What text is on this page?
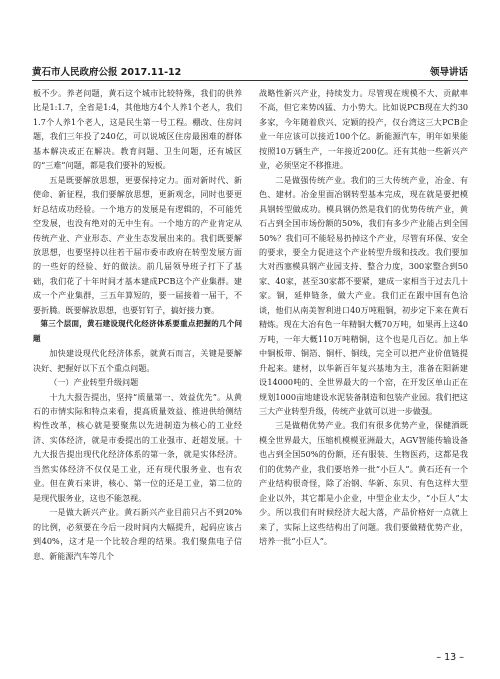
黄石市人民政府公报 2017.11-12	领导讲话

板不少。养老问题，黄石这个城市比较特殊，我们的供养比是1:1.7，全省是1:4，其他地方4个人养1个老人，我们1.7个人养1个老人，这是民生第一号工程。棚改、住房问题，我们三年投了240亿，可以说城区住房最困难的群体基本解决或正在解决。教育问题、卫生问题，还有城区的“三难”问题，都是我们要补的短板。

五是既要解放思想，更要保持定力。面对新时代、新使命、新征程，我们要解放思想，更新观念，同时也要更好总结成功经验。一个地方的发展是有逻辑的，不可能凭空发展，也没有绝对的无中生有。一个地方的产业肯定从传统产业、产业形态、产业生态发展出来的。我们既要解放思想，也要坚持以往若干届市委市政府在转型发展方面的一些好的经验、好的做法。前几届领导班子打下了基础，我们花了十年时间才基本建成PCB这个产业集群。建成一个产业集群，三五年算短的，要一届接着一届干，不要折腾。既要解放思想，也要钉钉子，搞好接力赛。

第三个层面，黄石建设现代化经济体系要重点把握的几个问题

加快建设现代化经济体系，就黄石而言，关键是要解决好、把握好以下五个重点问题。

（一）产业转型升级问题

十九大报告提出，坚持“质量第一、效益优先”。从黄石的市情实际和特点来看，提高质量效益、推进供给侧结构性改革，核心就是要聚焦以先进制造为核心的工业经济、实体经济，就是市委提出的工业强市、赶超发展。十九大报告提出现代化经济体系的第一条，就是实体经济。当然实体经济不仅仅是工业，还有现代服务业、也有农业。但在黄石来讲，核心、第一位的还是工业，第二位的是现代服务业，这也不能忽视。

一是做大新兴产业。黄石新兴产业目前只占不到20%的比例，必须要在今后一段时间内大幅提升，起码应该占到40%，这才是一个比较合理的结果。我们聚焦电子信息、新能源汽车等几个

战略性新兴产业，持续发力。尽管现在规模不大、贡献率不高，但它来势凶猛、力小势大。比如说PCB现在大约30多家，今年随着欣兴、定颖的投产，仅台湾这三大PCB企业一年应该可以接近100个亿。新能源汽车，明年如果能按照10万辆生产，一年接近200亿。还有其他一些新兴产业，必须坚定不移推进。

二是做强传统产业。我们的三大传统产业，冶金、有色、建材。冶金里面冶钢转型基本完成，现在就是要把模具钢转型做成功。模具钢仍然是我们的优势传统产业，黄石占到全国市场份额的50%，我们有多少产业能占到全国50%？我们可不能轻易扔掉这个产业，尽管有环保、安全的要求，要全力促进这个产业转型升级和技改。我们要加大对西塞模具钢产业园支持、整合力度，300家整合到50家、40家，甚至30家都不要紧，建成一家相当于过去几十家。铜，延伸链条，做大产业。我们正在跟中国有色洽谈，他们从南美智利进口40万吨粗铜，初步定下来在黄石精炼。现在大冶有色一年精铜大概70万吨，如果再上这40万吨，一年大概110万吨精铜，这个也是几百亿。加上华中铜板带、铜箔、铜杆、铜线，完全可以把产业价值链提升起来。建材，以华新百年复兴基地为主，准备在阳新建设14000吨的、全世界最大的一个窑，在开发区单山正在规划1000亩地建设水泥装备制造和包装产业园。我们把这三大产业转型升级，传统产业就可以进一步做强。

三是做精优势产业。我们有很多优势产业，保健酒既模全世界最大，压缩机模模亚洲最大，AGV智能传输设备也占到全国50%的份额，还有服装、生物医药，这都是我们的优势产业，我们要培养一批“小巨人”。黄石还有一个产业结构很奇怪，除了冶钢、华新、东贝、有色这样大型企业以外，其它都是小企业，中型企业太少，“小巨人”太少。所以我们有时候经济大起大落，产品价格好一点就上来了，实际上这些结构出了问题。我们要做精优势产业，培养一批“小巨人”。

– 13 –
